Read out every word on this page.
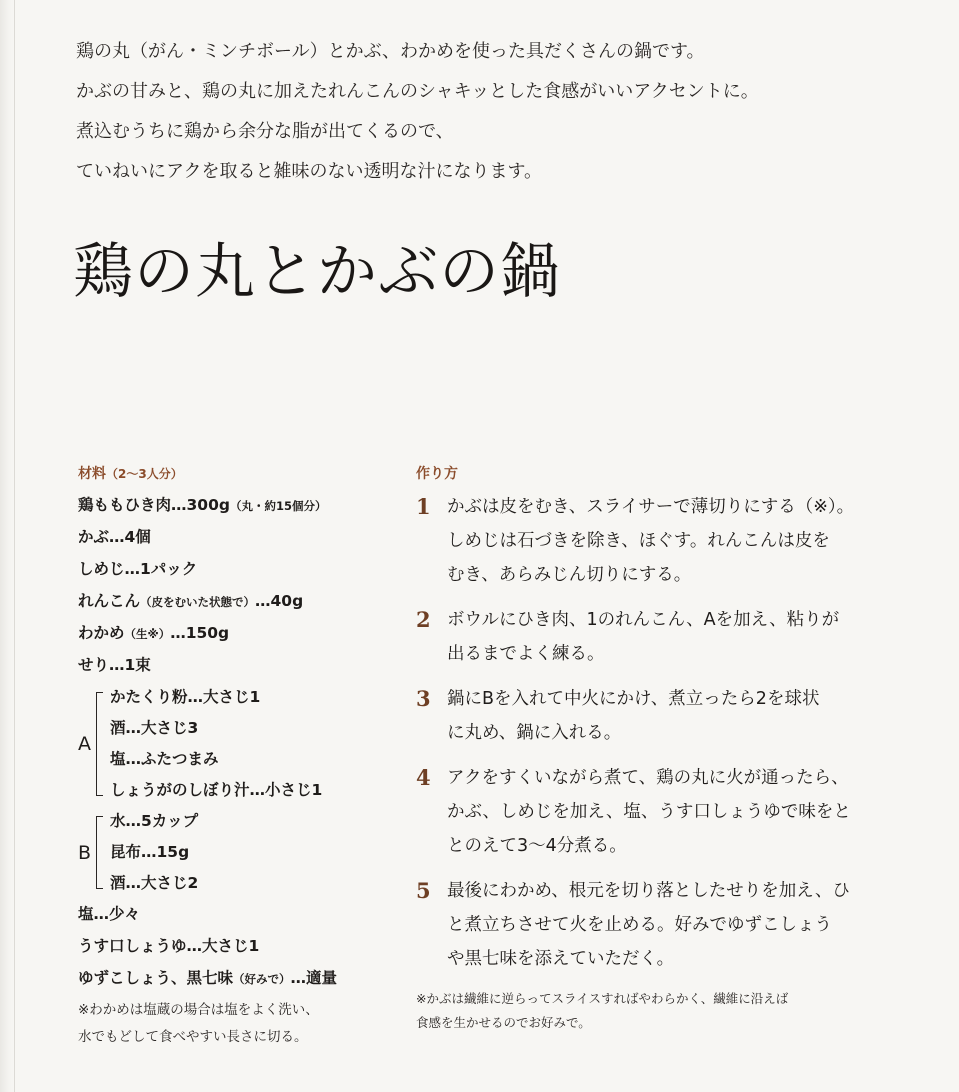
鶏の丸（がん・ミンチボール）とかぶ、わかめを使った具だくさんの鍋です。
かぶの甘みと、鶏の丸に加えたれんこんのシャキッとした食感がいいアクセントに。
煮込むうちに鶏から余分な脂が出てくるので、
ていねいにアクを取ると雑味のない透明な汁になります。
鶏の丸とかぶの鍋
材料（2〜3人分）
鶏ももひき肉…300g（丸・約15個分）
かぶ…4個
しめじ…1パック
れんこん（皮をむいた状態で）…40g
わかめ（生※）…150g
せり…1束
A
かたくり粉…大さじ1
酒…大さじ3
塩…ふたつまみ
しょうがのしぼり汁…小さじ1
B
水…5カップ
昆布…15g
酒…大さじ2
塩…少々
うす口しょうゆ…大さじ1
ゆずこしょう、黒七味（好みで）…適量
※わかめは塩蔵の場合は塩をよく洗い、
水でもどして食べやすい長さに切る。
作り方
1 かぶは皮をむき、スライサーで薄切りにする（※）。
しめじは石づきを除き、ほぐす。れんこんは皮を
むき、あらみじん切りにする。
2 ボウルにひき肉、1のれんこん、Aを加え、粘りが
出るまでよく練る。
3 鍋にBを入れて中火にかけ、煮立ったら2を球状
に丸め、鍋に入れる。
4 アクをすくいながら煮て、鶏の丸に火が通ったら、
かぶ、しめじを加え、塩、うす口しょうゆで味をと
とのえて3〜4分煮る。
5 最後にわかめ、根元を切り落としたせりを加え、ひ
と煮立ちさせて火を止める。好みでゆずこしょう
や黒七味を添えていただく。
※かぶは繊維に逆らってスライスすればやわらかく、繊維に沿えば
食感を生かせるのでお好みで。
